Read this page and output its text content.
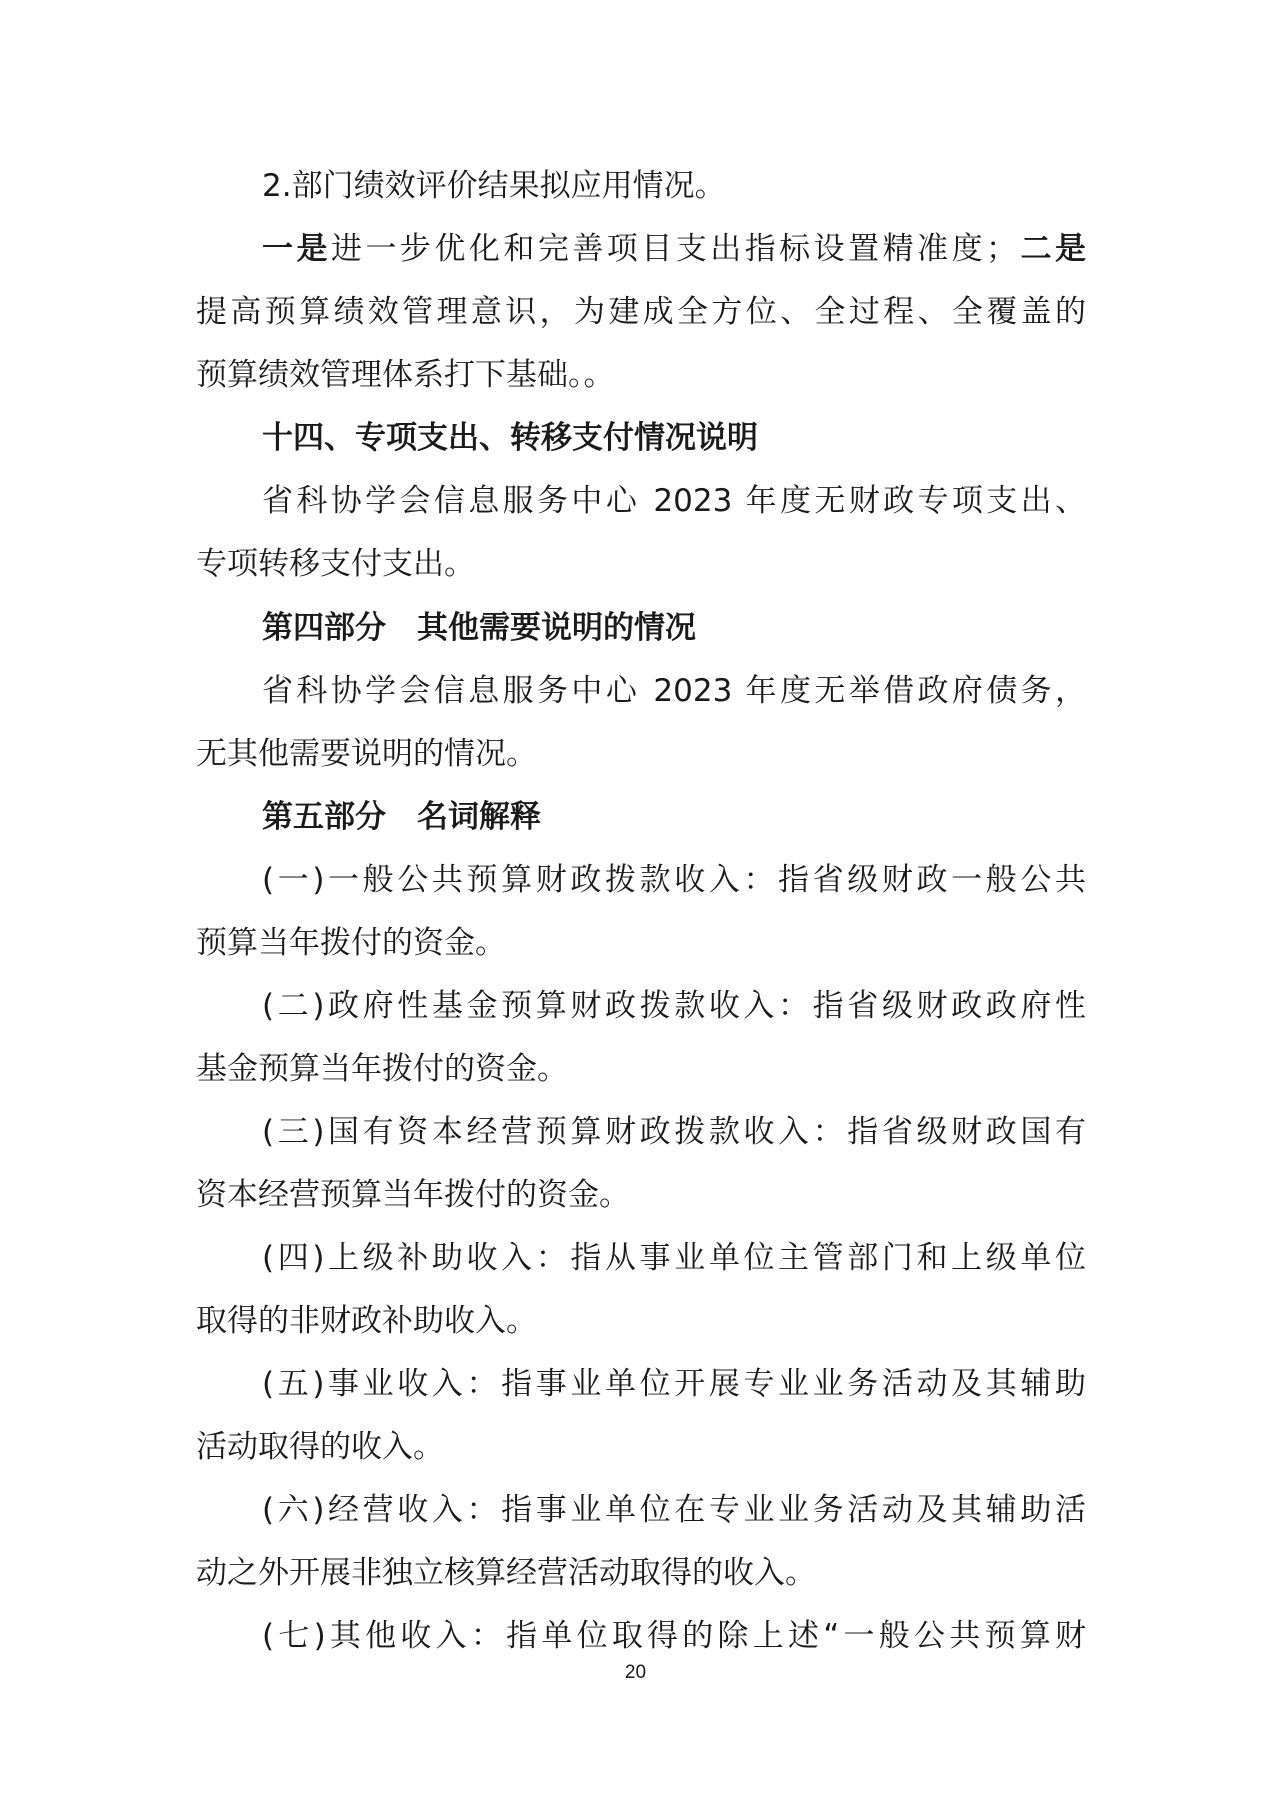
2.部门绩效评价结果拟应用情况。
一是进一步优化和完善项目支出指标设置精准度；二是
提高预算绩效管理意识，为建成全方位、全过程、全覆盖的
预算绩效管理体系打下基础。。
十四、专项支出、转移支付情况说明
省科协学会信息服务中心 2023 年度无财政专项支出、
专项转移支付支出。
第四部分　其他需要说明的情况
省科协学会信息服务中心 2023 年度无举借政府债务，
无其他需要说明的情况。
第五部分　名词解释
(一)一般公共预算财政拨款收入：指省级财政一般公共
预算当年拨付的资金。
(二)政府性基金预算财政拨款收入：指省级财政政府性
基金预算当年拨付的资金。
(三)国有资本经营预算财政拨款收入：指省级财政国有
资本经营预算当年拨付的资金。
(四)上级补助收入：指从事业单位主管部门和上级单位
取得的非财政补助收入。
(五)事业收入：指事业单位开展专业业务活动及其辅助
活动取得的收入。
(六)经营收入：指事业单位在专业业务活动及其辅助活
动之外开展非独立核算经营活动取得的收入。
(七)其他收入：指单位取得的除上述“一般公共预算财
20
